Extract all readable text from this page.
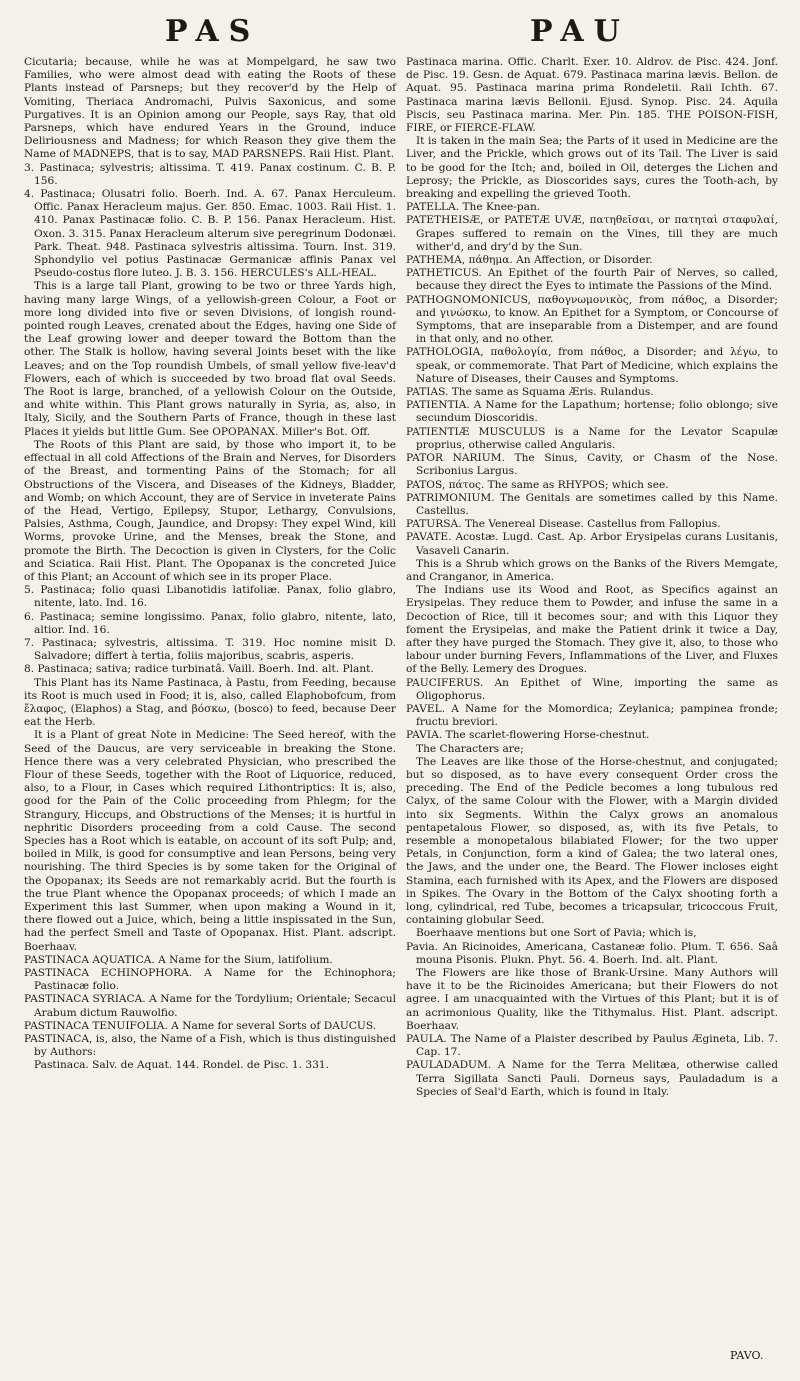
PAS	PAU

Cicutaria; because, while he was at Mompelgard, he saw two Families, who were almost dead with eating the Roots of these Plants instead of Parsneps; but they recover'd by the Help of Vomiting, Theriaca Andromachi, Pulvis Saxonicus, and some Purgatives. It is an Opinion among our People, says Ray, that old Parsneps, which have endured Years in the Ground, induce Deliriousness and Madness; for which Reason they give them the Name of MADNEPS, that is to say, MAD PARSNEPS. Raii Hist. Plant.

3. Pastinaca; sylvestris; altissima. T. 419. Panax costinum. C. B. P. 156.

4. Pastinaca; Olusatri folio. Boerh. Ind. A. 67. Panax Herculeum. Offic. Panax Heracleum majus. Ger. 850. Emac. 1003. Raii Hist. 1. 410. Panax Pastinacæ folio. C. B. P. 156. Panax Heracleum. Hist. Oxon. 3. 315. Panax Heracleum alterum sive peregrinum Dodonæi. Park. Theat. 948. Pastinaca sylvestris altissima. Tourn. Inst. 319. Sphondylio vel potius Pastinacæ Germanicæ affinis Panax vel Pseudo-costus flore luteo. J. B. 3. 156. HERCULES's ALL-HEAL.

This is a large tall Plant, growing to be two or three Yards high, having many large Wings, of a yellowish-green Colour, a Foot or more long divided into five or seven Divisions, of longish round-pointed rough Leaves, crenated about the Edges, having one Side of the Leaf growing lower and deeper toward the Bottom than the other. The Stalk is hollow, having several Joints beset with the like Leaves; and on the Top roundish Umbels, of small yellow five-leav'd Flowers, each of which is succeeded by two broad flat oval Seeds. The Root is large, branched, of a yellowish Colour on the Outside, and white within. This Plant grows naturally in Syria, as, also, in Italy, Sicily, and the Southern Parts of France, though in these last Places it yields but little Gum. See OPOPANAX. Miller's Bot. Off.

The Roots of this Plant are said, by those who import it, to be effectual in all cold Affections of the Brain and Nerves, for Disorders of the Breast, and tormenting Pains of the Stomach; for all Obstructions of the Viscera, and Diseases of the Kidneys, Bladder, and Womb; on which Account, they are of Service in inveterate Pains of the Head, Vertigo, Epilepsy, Stupor, Lethargy, Convulsions, Palsies, Asthma, Cough, Jaundice, and Dropsy: They expel Wind, kill Worms, provoke Urine, and the Menses, break the Stone, and promote the Birth. The Decoction is given in Clysters, for the Colic and Sciatica. Raii Hist. Plant. The Opopanax is the concreted Juice of this Plant; an Account of which see in its proper Place.

5. Pastinaca; folio quasi Libanotidis latifoliæ. Panax, folio glabro, nitente, lato. Ind. 16.

6. Pastinaca; semine longissimo. Panax, folio glabro, nitente, lato, altior. Ind. 16.

7. Pastinaca; sylvestris, altissima. T. 319. Hoc nomine misit D. Salvadore; differt à tertia, foliis majoribus, scabris, asperis.

8. Pastinaca; sativa; radice turbinatâ. Vaill. Boerh. Ind. alt. Plant.

This Plant has its Name Pastinaca, à Pastu, from Feeding, because its Root is much used in Food; it is, also, called Elaphobofcum, from ἔλαφος, (Elaphos) a Stag, and βόσκω, (bosco) to feed, because Deer eat the Herb.

It is a Plant of great Note in Medicine: The Seed hereof, with the Seed of the Daucus, are very serviceable in breaking the Stone. Hence there was a very celebrated Physician, who prescribed the Flour of these Seeds, together with the Root of Liquorice, reduced, also, to a Flour, in Cases which required Lithontriptics: It is, also, good for the Pain of the Colic proceeding from Phlegm; for the Strangury, Hiccups, and Obstructions of the Menses; it is hurtful in nephritic Disorders proceeding from a cold Cause. The second Species has a Root which is eatable, on account of its soft Pulp; and, boiled in Milk, is good for consumptive and lean Persons, being very nourishing. The third Species is by some taken for the Original of the Opopanax; its Seeds are not remarkably acrid. But the fourth is the true Plant whence the Opopanax proceeds; of which I made an Experiment this last Summer, when upon making a Wound in it, there flowed out a Juice, which, being a little inspissated in the Sun, had the perfect Smell and Taste of Opopanax. Hist. Plant. adscript. Boerhaav.

PASTINACA AQUATICA. A Name for the Sium, latifolium.

PASTINACA ECHINOPHORA. A Name for the Echinophora; Pastinacæ folio.

PASTINACA SYRIACA. A Name for the Tordylium; Orientale; Secacul Arabum dictum Rauwolfio.

PASTINACA TENUIFOLIA. A Name for several Sorts of DAUCUS.

PASTINACA, is, also, the Name of a Fish, which is thus distinguished by Authors:

Pastinaca. Salv. de Aquat. 144. Rondel. de Pisc. 1. 331.

Pastinaca marina. Offic. Charlt. Exer. 10. Aldrov. de Pisc. 424. Jonf. de Pisc. 19. Gesn. de Aquat. 679. Pastinaca marina lævis. Bellon. de Aquat. 95. Pastinaca marina prima Rondeletii. Raii Ichth. 67. Pastinaca marina lævis Bellonii. Ejusd. Synop. Pisc. 24. Aquila Piscis, seu Pastinaca marina. Mer. Pin. 185. THE POISON-FISH, FIRE, or FIERCE-FLAW.

It is taken in the main Sea; the Parts of it used in Medicine are the Liver, and the Prickle, which grows out of its Tail. The Liver is said to be good for the Itch; and, boiled in Oil, deterges the Lichen and Leprosy; the Prickle, as Dioscorides says, cures the Tooth-ach, by breaking and expelling the grieved Tooth.

PATELLA. The Knee-pan.

PATETHEISÆ, or PATETÆ UVÆ, πατηθεῖσαι, or πατηταὶ σταφυλαί, Grapes suffered to remain on the Vines, till they are much wither'd, and dry'd by the Sun.

PATHEMA, πάθημα. An Affection, or Disorder.

PATHETICUS. An Epithet of the fourth Pair of Nerves, so called, because they direct the Eyes to intimate the Passions of the Mind.

PATHOGNOMONICUS, παθογνωμονικὸς, from πάθος, a Disorder; and γινώσκω, to know. An Epithet for a Symptom, or Concourse of Symptoms, that are inseparable from a Distemper, and are found in that only, and no other.

PATHOLOGIA, παθολογία, from πάθος, a Disorder; and λέγω, to speak, or commemorate. That Part of Medicine, which explains the Nature of Diseases, their Causes and Symptoms.

PATIAS. The same as Squama Æris. Rulandus.

PATIENTIA. A Name for the Lapathum; hortense; folio oblongo; sive secundum Dioscoridis.

PATIENTIÆ MUSCULUS is a Name for the Levator Scapulæ proprius, otherwise called Angularis.

PATOR NARIUM. The Sinus, Cavity, or Chasm of the Nose. Scribonius Largus.

PATOS, πάτος. The same as RHYPOS; which see.

PATRIMONIUM. The Genitals are sometimes called by this Name. Castellus.

PATURSA. The Venereal Disease. Castellus from Fallopius.

PAVATE. Acostæ. Lugd. Cast. Ap. Arbor Erysipelas curans Lusitanis, Vasaveli Canarin.

This is a Shrub which grows on the Banks of the Rivers Memgate, and Cranganor, in America.

The Indians use its Wood and Root, as Specifics against an Erysipelas. They reduce them to Powder, and infuse the same in a Decoction of Rice, till it becomes sour; and with this Liquor they foment the Erysipelas, and make the Patient drink it twice a Day, after they have purged the Stomach. They give it, also, to those who labour under burning Fevers, Inflammations of the Liver, and Fluxes of the Belly. Lemery des Drogues.

PAUCIFERUS. An Epithet of Wine, importing the same as Oligophorus.

PAVEL. A Name for the Momordica; Zeylanica; pampinea fronde; fructu breviori.

PAVIA. The scarlet-flowering Horse-chestnut.

The Characters are;

The Leaves are like those of the Horse-chestnut, and conjugated; but so disposed, as to have every consequent Order cross the preceding. The End of the Pedicle becomes a long tubulous red Calyx, of the same Colour with the Flower, with a Margin divided into six Segments. Within the Calyx grows an anomalous pentapetalous Flower, so disposed, as, with its five Petals, to resemble a monopetalous bilabiated Flower; for the two upper Petals, in Conjunction, form a kind of Galea; the two lateral ones, the Jaws, and the under one, the Beard. The Flower incloses eight Stamina, each furnished with its Apex, and the Flowers are disposed in Spikes. The Ovary in the Bottom of the Calyx shooting forth a long, cylindrical, red Tube, becomes a tricapsular, tricoccous Fruit, containing globular Seed.

Boerhaave mentions but one Sort of Pavia; which is,

Pavia. An Ricinoides, Americana, Castaneæ folio. Plum. T. 656. Saâ mouna Pisonis. Plukn. Phyt. 56. 4. Boerh. Ind. alt. Plant.

The Flowers are like those of Brank-Ursine. Many Authors will have it to be the Ricinoides Americana; but their Flowers do not agree. I am unacquainted with the Virtues of this Plant; but it is of an acrimonious Quality, like the Tithymalus. Hist. Plant. adscript. Boerhaav.

PAULA. The Name of a Plaister described by Paulus Æginetа, Lib. 7. Cap. 17.

PAULADADUM. A Name for the Terra Melitæa, otherwise called Terra Sigillata Sancti Pauli. Dorneus says, Pauladadum is a Species of Seal'd Earth, which is found in Italy.

PAVO.
